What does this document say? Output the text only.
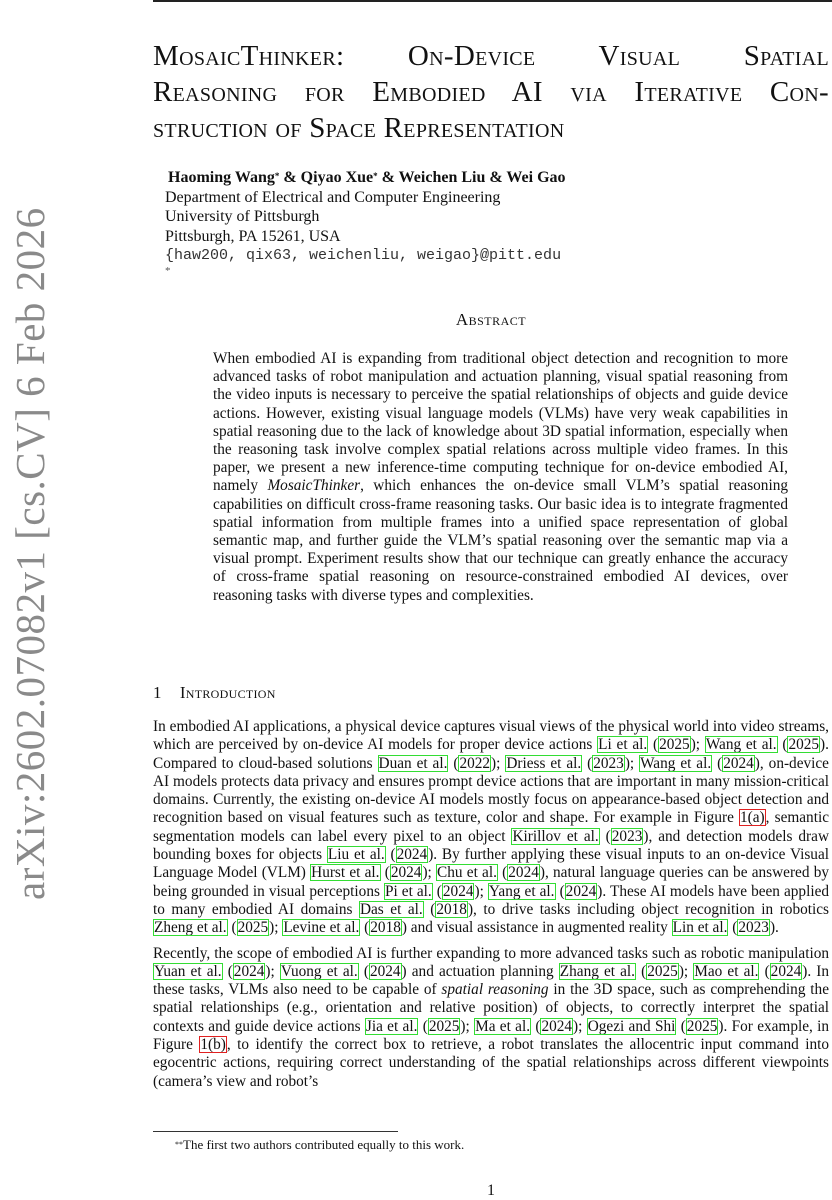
arXiv:2602.07082v1 [cs.CV] 6 Feb 2026
MosaicThinker: On-Device Visual Spatial
Reasoning for Embodied AI via Iterative Con-
struction of Space Representation
Haoming Wang* & Qiyao Xue* & Weichen Liu & Wei Gao
Department of Electrical and Computer Engineering
University of Pittsburgh
Pittsburgh, PA 15261, USA
{haw200, qix63, weichenliu, weigao}@pitt.edu
*
Abstract
When embodied AI is expanding from traditional object detection and recognition to more advanced tasks of robot manipulation and actuation planning, visual spatial reasoning from the video inputs is necessary to perceive the spatial relationships of objects and guide device actions. However, existing visual language models (VLMs) have very weak capabilities in spatial reasoning due to the lack of knowledge about 3D spatial information, especially when the reasoning task involve complex spatial relations across multiple video frames. In this paper, we present a new inference-time computing technique for on-device embodied AI, namely MosaicThinker, which enhances the on-device small VLM’s spatial reasoning capabilities on difficult cross-frame reasoning tasks. Our basic idea is to integrate fragmented spatial information from multiple frames into a unified space representation of global semantic map, and further guide the VLM’s spatial reasoning over the semantic map via a visual prompt. Experiment results show that our technique can greatly enhance the accuracy of cross-frame spatial reasoning on resource-constrained embodied AI devices, over reasoning tasks with diverse types and complexities.
1 Introduction

In embodied AI applications, a physical device captures visual views of the physical world into video streams, which are perceived by on-device AI models for proper device actions Li et al. (2025); Wang et al. (2025). Compared to cloud-based solutions Duan et al. (2022); Driess et al. (2023); Wang et al. (2024), on-device AI models protects data privacy and ensures prompt device actions that are important in many mission-critical domains. Currently, the existing on-device AI models mostly focus on appearance-based object detection and recognition based on visual features such as texture, color and shape. For example in Figure 1(a), semantic segmentation models can label every pixel to an object Kirillov et al. (2023), and detection models draw bounding boxes for objects Liu et al. (2024). By further applying these visual inputs to an on-device Visual Language Model (VLM) Hurst et al. (2024); Chu et al. (2024), natural language queries can be answered by being grounded in visual perceptions Pi et al. (2024); Yang et al. (2024). These AI models have been applied to many embodied AI domains Das et al. (2018), to drive tasks including object recognition in robotics Zheng et al. (2025); Levine et al. (2018) and visual assistance in augmented reality Lin et al. (2023).

Recently, the scope of embodied AI is further expanding to more advanced tasks such as robotic manipulation Yuan et al. (2024); Vuong et al. (2024) and actuation planning Zhang et al. (2025); Mao et al. (2024). In these tasks, VLMs also need to be capable of spatial reasoning in the 3D space, such as comprehending the spatial relationships (e.g., orientation and relative position) of objects, to correctly interpret the spatial contexts and guide device actions Jia et al. (2025); Ma et al. (2024); Ogezi and Shi (2025). For example, in Figure 1(b), to identify the correct box to retrieve, a robot translates the allocentric input command into egocentric actions, requiring correct understanding of the spatial relationships across different viewpoints (camera’s view and robot’s

**The first two authors contributed equally to this work.
1
